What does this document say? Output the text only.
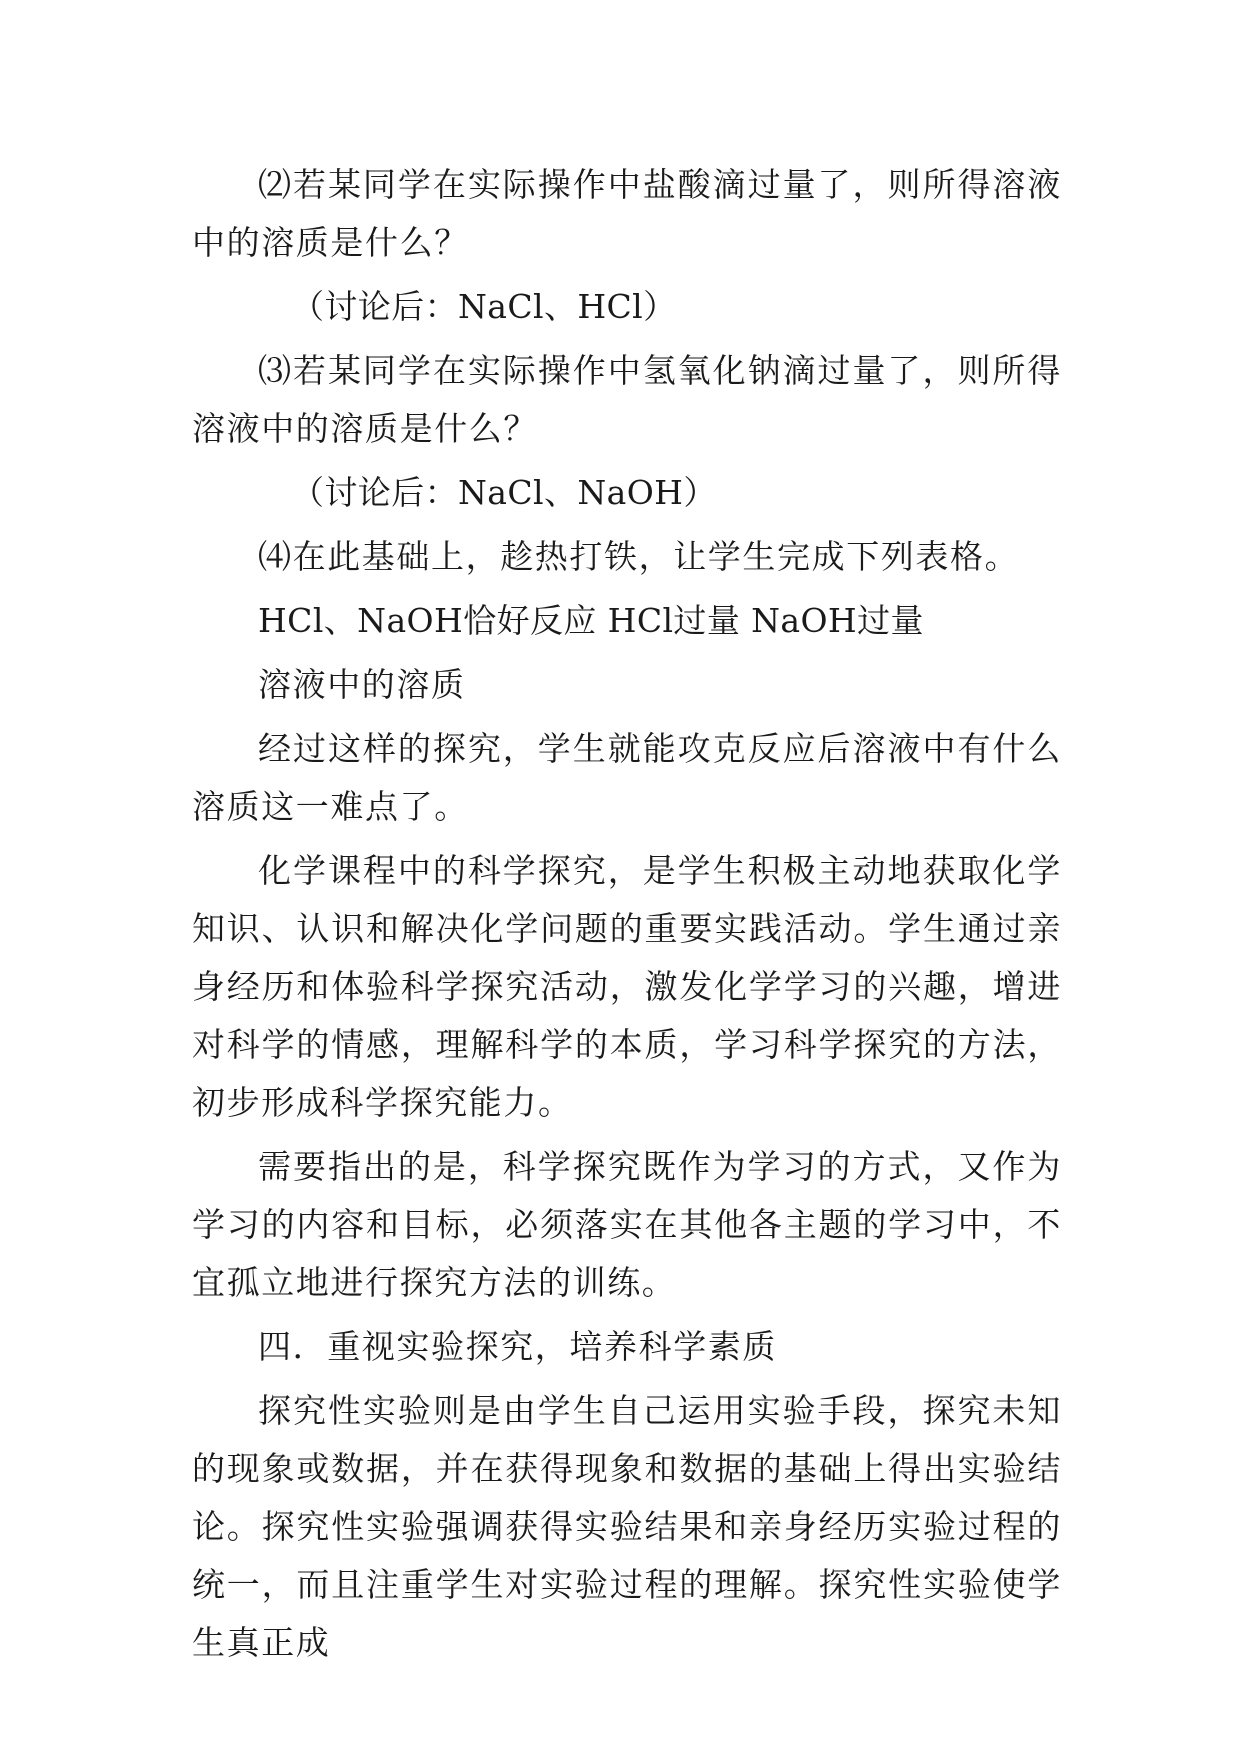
⑵若某同学在实际操作中盐酸滴过量了，则所得溶液中的溶质是什么？

（讨论后：NaCl、HCl）

⑶若某同学在实际操作中氢氧化钠滴过量了，则所得溶液中的溶质是什么？

（讨论后：NaCl、NaOH）

⑷在此基础上，趁热打铁，让学生完成下列表格。

HCl、NaOH恰好反应 HCl过量 NaOH过量

溶液中的溶质

经过这样的探究，学生就能攻克反应后溶液中有什么溶质这一难点了。

化学课程中的科学探究，是学生积极主动地获取化学知识、认识和解决化学问题的重要实践活动。学生通过亲身经历和体验科学探究活动，激发化学学习的兴趣，增进对科学的情感，理解科学的本质，学习科学探究的方法，初步形成科学探究能力。

需要指出的是，科学探究既作为学习的方式，又作为学习的内容和目标，必须落实在其他各主题的学习中，不宜孤立地进行探究方法的训练。

四．重视实验探究，培养科学素质

探究性实验则是由学生自己运用实验手段，探究未知的现象或数据，并在获得现象和数据的基础上得出实验结论。探究性实验强调获得实验结果和亲身经历实验过程的统一，而且注重学生对实验过程的理解。探究性实验使学生真正成
